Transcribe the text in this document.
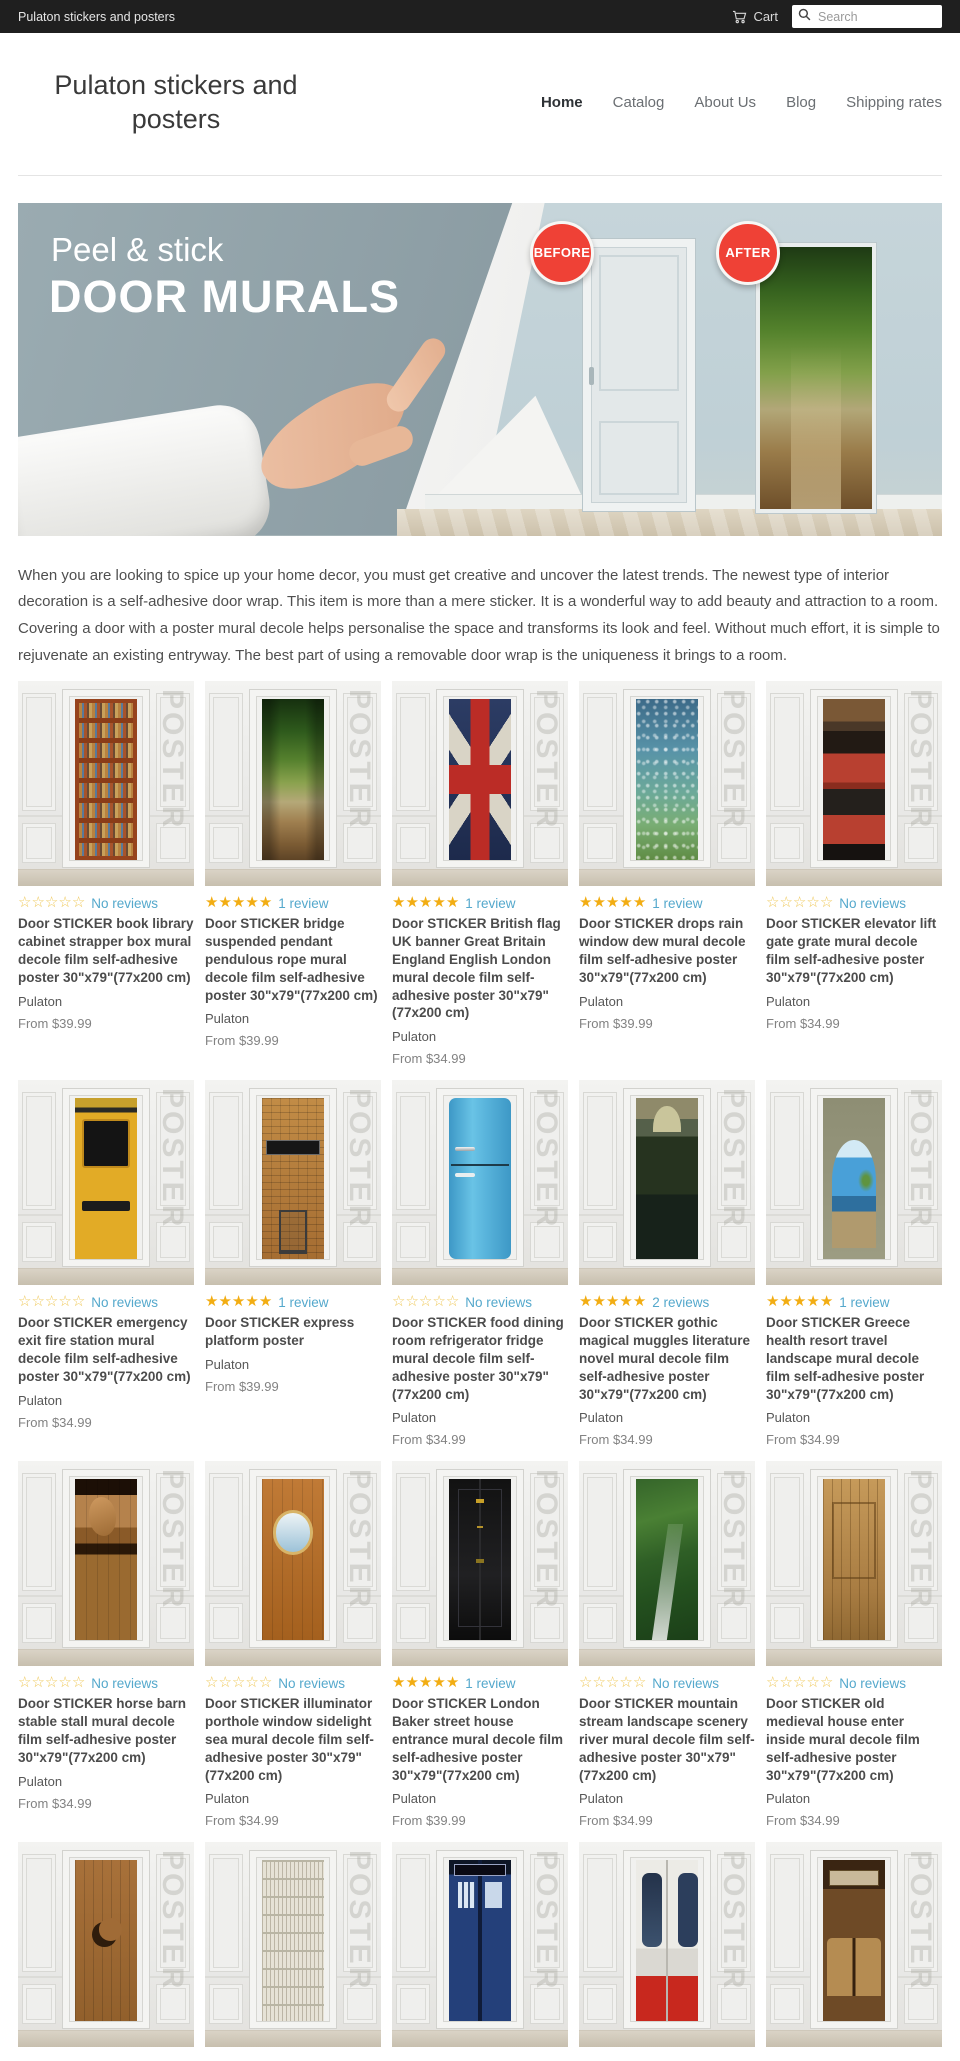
Pulaton stickers and posters	Cart
Search
Pulaton stickers and
posters
Home Catalog About Us Blog Shipping rates
BEFORE	AFTER
Peel & stick
DOOR MURALS

When you are looking to spice up your home decor, you must get creative and uncover the latest trends. The newest type of interior decoration is a self-adhesive door wrap. This item is more than a mere sticker. It is a wonderful way to add beauty and attraction to a room. Covering a door with a poster mural decole helps personalise the space and transforms its look and feel. Without much effort, it is simple to rejuvenate an existing entryway. The best part of using a removable door wrap is the uniqueness it brings to a room.

POSTER
☆☆☆☆☆ No reviews
Door STICKER book library cabinet strapper box mural decole film self-adhesive poster 30"x79"(77x200 cm)
Pulaton
From $39.99
POSTER
★★★★★ 1 review
Door STICKER bridge suspended pendant pendulous rope mural decole film self-adhesive poster 30"x79"(77x200 cm)
Pulaton
From $39.99
POSTER
★★★★★ 1 review
Door STICKER British flag UK banner Great Britain England English London mural decole film self-adhesive poster 30"x79" (77x200 cm)
Pulaton
From $34.99
POSTER
★★★★★ 1 review
Door STICKER drops rain window dew mural decole film self-adhesive poster 30"x79"(77x200 cm)
Pulaton
From $39.99
POSTER
☆☆☆☆☆ No reviews
Door STICKER elevator lift gate grate mural decole film self-adhesive poster 30"x79"(77x200 cm)
Pulaton
From $34.99
POSTER
☆☆☆☆☆ No reviews
Door STICKER emergency exit fire station mural decole film self-adhesive poster 30"x79"(77x200 cm)
Pulaton
From $34.99
POSTER
★★★★★ 1 review
Door STICKER express platform poster
Pulaton
From $39.99
POSTER
☆☆☆☆☆ No reviews
Door STICKER food dining room refrigerator fridge mural decole film self-adhesive poster 30"x79" (77x200 cm)
Pulaton
From $34.99
POSTER
★★★★★ 2 reviews
Door STICKER gothic magical muggles literature novel mural decole film self-adhesive poster 30"x79"(77x200 cm)
Pulaton
From $34.99
POSTER
★★★★★ 1 review
Door STICKER Greece health resort travel landscape mural decole film self-adhesive poster 30"x79"(77x200 cm)
Pulaton
From $34.99
POSTER
☆☆☆☆☆ No reviews
Door STICKER horse barn stable stall mural decole film self-adhesive poster 30"x79"(77x200 cm)
Pulaton
From $34.99
POSTER
☆☆☆☆☆ No reviews
Door STICKER illuminator porthole window sidelight sea mural decole film self-adhesive poster 30"x79" (77x200 cm)
Pulaton
From $34.99
POSTER
★★★★★ 1 review
Door STICKER London Baker street house entrance mural decole film self-adhesive poster 30"x79"(77x200 cm)
Pulaton
From $39.99
POSTER
☆☆☆☆☆ No reviews
Door STICKER mountain stream landscape scenery river mural decole film self-adhesive poster 30"x79" (77x200 cm)
Pulaton
From $34.99
POSTER
☆☆☆☆☆ No reviews
Door STICKER old medieval house enter inside mural decole film self-adhesive poster 30"x79"(77x200 cm)
Pulaton
From $34.99
POSTER	POSTER	POSTER	POSTER	POSTER
